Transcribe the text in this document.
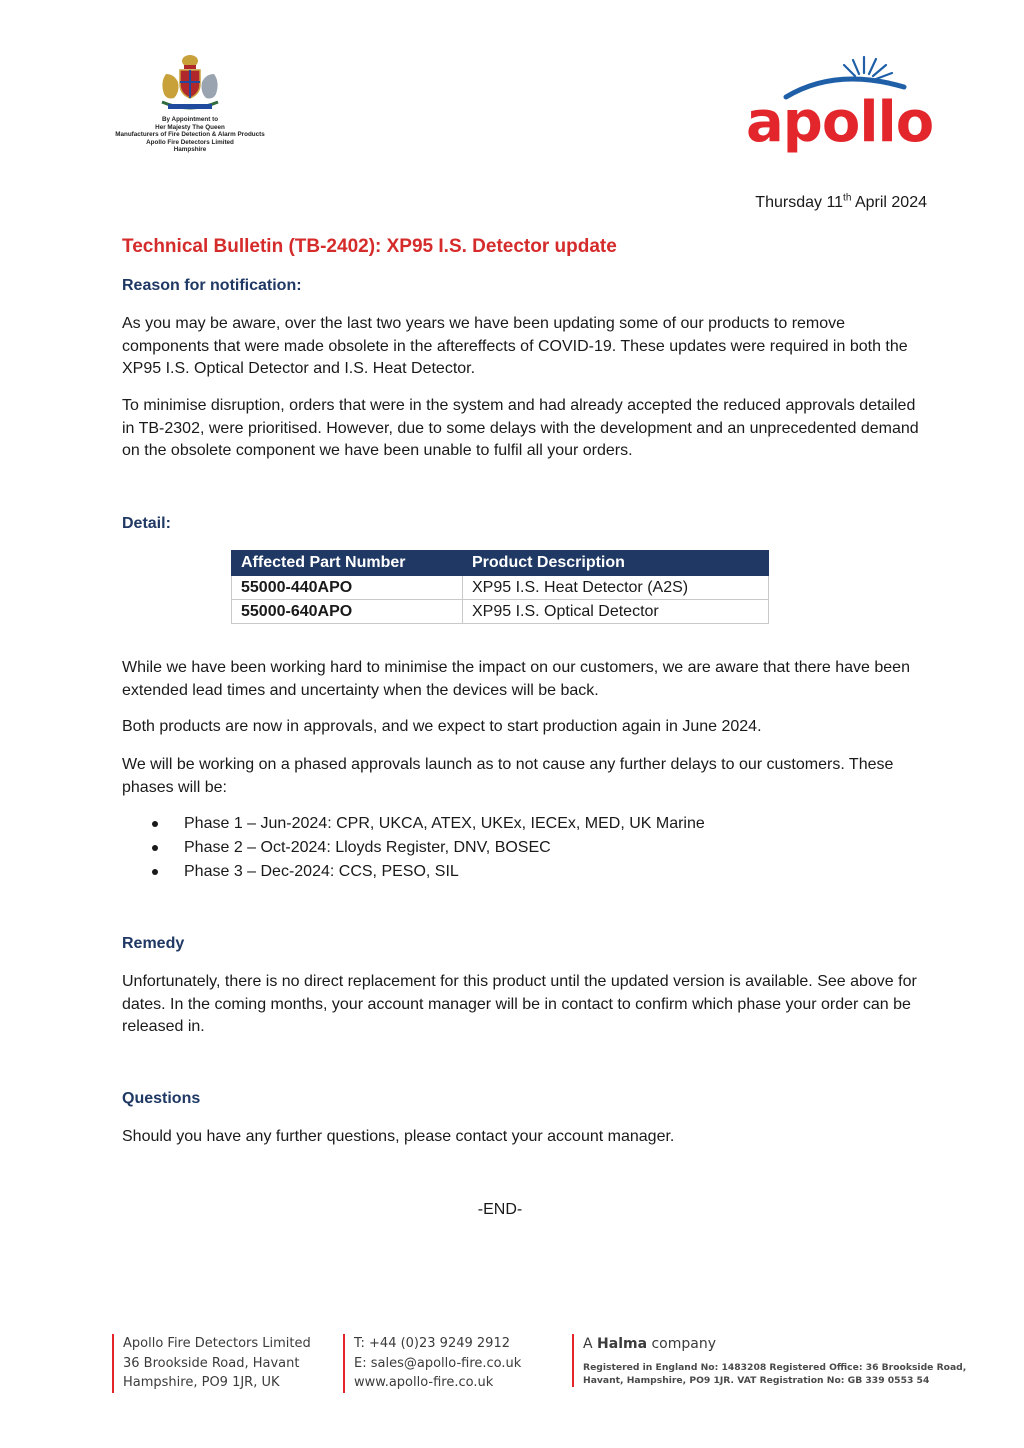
By Appointment to
Her Majesty The Queen
Manufacturers of Fire Detection & Alarm Products
Apollo Fire Detectors Limited
Hampshire	apollo
Thursday 11th April 2024
Technical Bulletin (TB-2402): XP95 I.S. Detector update
Reason for notification:
As you may be aware, over the last two years we have been updating some of our products to remove components that were made obsolete in the aftereffects of COVID-19. These updates were required in both the XP95 I.S. Optical Detector and I.S. Heat Detector.
To minimise disruption, orders that were in the system and had already accepted the reduced approvals detailed in TB-2302, were prioritised. However, due to some delays with the development and an unprecedented demand on the obsolete component we have been unable to fulfil all your orders.
Detail:
Affected Part Number	Product Description
55000-440APO	XP95 I.S. Heat Detector (A2S)
55000-640APO	XP95 I.S. Optical Detector
While we have been working hard to minimise the impact on our customers, we are aware that there have been extended lead times and uncertainty when the devices will be back.
Both products are now in approvals, and we expect to start production again in June 2024.
We will be working on a phased approvals launch as to not cause any further delays to our customers. These phases will be:
Phase 1 – Jun-2024: CPR, UKCA, ATEX, UKEx, IECEx, MED, UK Marine
Phase 2 – Oct-2024: Lloyds Register, DNV, BOSEC
Phase 3 – Dec-2024: CCS, PESO, SIL
Remedy
Unfortunately, there is no direct replacement for this product until the updated version is available. See above for dates. In the coming months, your account manager will be in contact to confirm which phase your order can be released in.
Questions
Should you have any further questions, please contact your account manager.
-END-
Apollo Fire Detectors Limited
36 Brookside Road, Havant
Hampshire, PO9 1JR, UK
T: +44 (0)23 9249 2912
E: sales@apollo-fire.co.uk
www.apollo-fire.co.uk
A Halma company
Registered in England No: 1483208 Registered Office: 36 Brookside Road,
Havant, Hampshire, PO9 1JR. VAT Registration No: GB 339 0553 54
